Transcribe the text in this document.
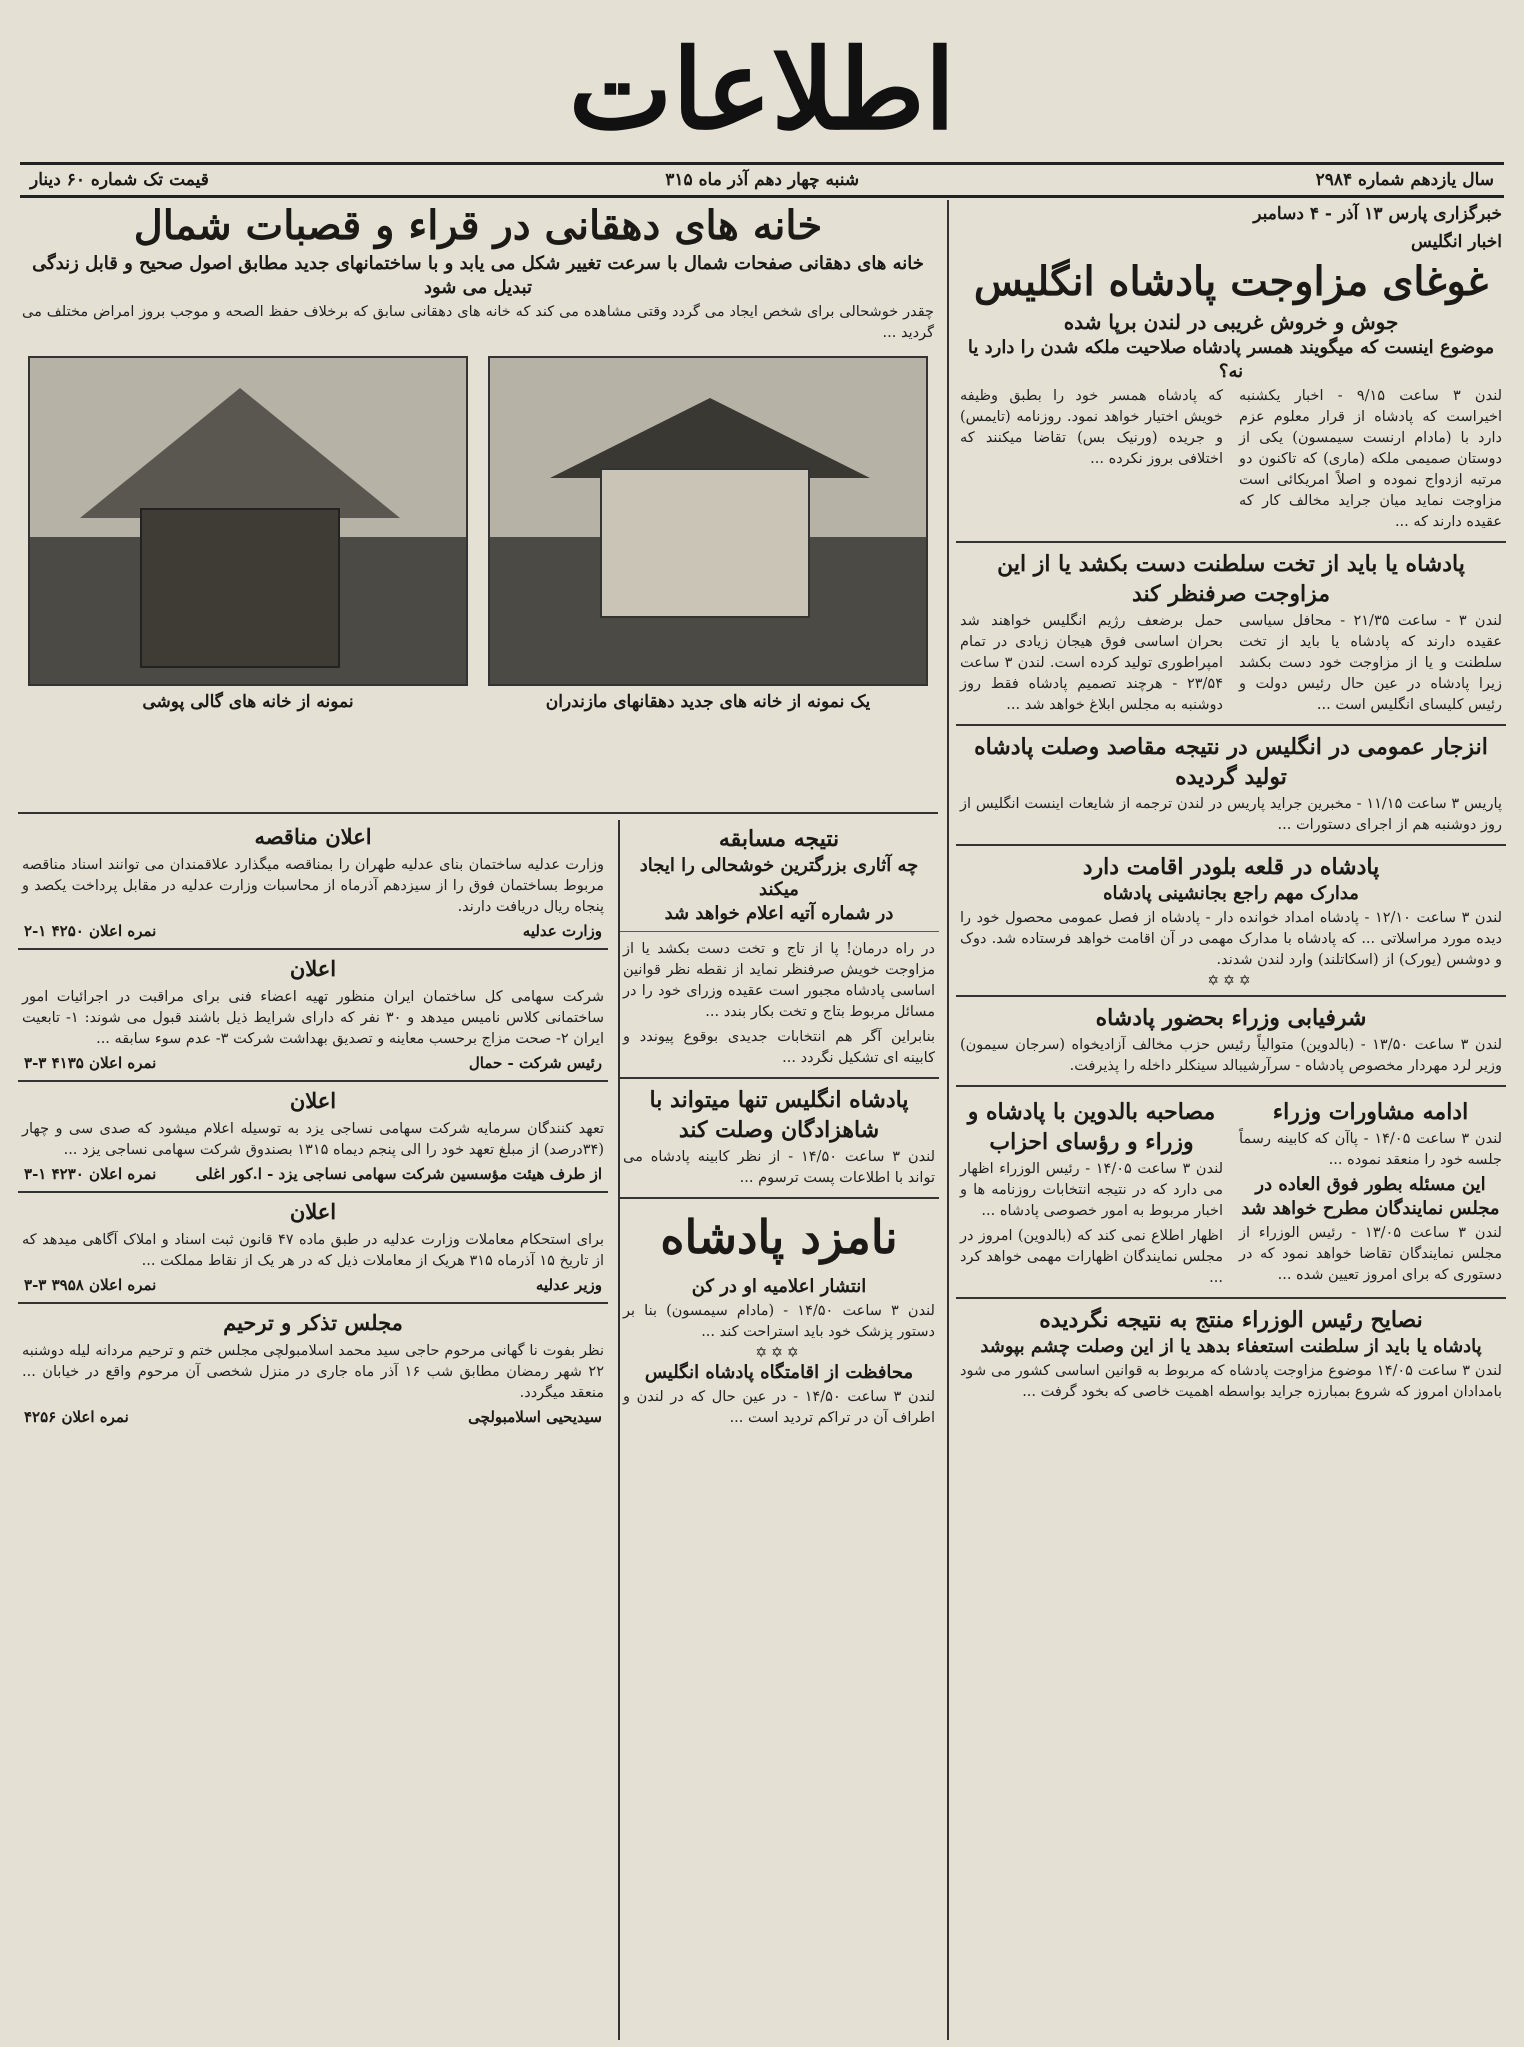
اطلاعات
سال یازدهم شماره ۲۹۸۴
شنبه چهار دهم آذر ماه ۳۱۵
قیمت تک شماره ۶۰ دینار
خبرگزاری پارس ۱۳ آذر - ۴ دسامبر
اخبار انگلیس
غوغای مزاوجت پادشاه انگلیس
جوش و خروش غریبی در لندن برپا شده
موضوع اینست که میگویند همسر پادشاه صلاحیت ملکه شدن را دارد یا نه؟
لندن ۳ ساعت ۹/۱۵ - اخبار یکشنبه اخیراست که پادشاه از قرار معلوم عزم دارد با (مادام ارنست سیمسون) یکی از دوستان صمیمی ملکه (ماری) که تاکنون دو مرتبه ازدواج نموده و اصلاً امریکائی است مزاوجت نماید میان جراید مخالف کار که عقیده دارند که ...
که پادشاه همسر خود را بطبق وظیفه خویش اختیار خواهد نمود. روزنامه (تایمس) و جریده (ورنیک بس) تقاضا میکنند که اختلافی بروز نکرده ...
پادشاه یا باید از تخت سلطنت دست بکشد یا از این مزاوجت صرفنظر کند
لندن ۳ - ساعت ۲۱/۳۵ - محافل سیاسی عقیده دارند که پادشاه یا باید از تخت سلطنت و یا از مزاوجت خود دست بکشد زیرا پادشاه در عین حال رئیس دولت و رئیس کلیسای انگلیس است ...
حمل برضعف رژیم انگلیس خواهند شد بحران اساسی فوق هیجان زیادی در تمام امپراطوری تولید کرده است. لندن ۳ ساعت ۲۳/۵۴ - هرچند تصمیم پادشاه فقط روز دوشنبه به مجلس ابلاغ خواهد شد ...
انزجار عمومی در انگلیس در نتیجه مقاصد وصلت پادشاه تولید گردیده
پاریس ۳ ساعت ۱۱/۱۵ - مخبرین جراید پاریس در لندن ترجمه از شایعات اینست انگلیس از روز دوشنبه ه‍م از اجرای دستورات ...
پادشاه در قلعه بلودر اقامت دارد
مدارک مهم راجع بجانشینی پادشاه
لندن ۳ ساعت ۱۲/۱۰ - پادشاه امداد خوانده دار - پادشاه از فصل عمومی محصول خود را دیده مورد مراسلاتی ... که پادشاه با مدارک مهمی در آن اقامت خواهد فرستاده شد. دوک و دوشس (یورک) از (اسکاتلند) وارد لندن شدند.
✡✡✡
شرفیابی وزراء بحضور پادشاه
لندن ۳ ساعت ۱۳/۵۰ - (بالدوین) متوالیاً رئیس حزب مخالف آزادیخواه (سرجان سیمون) وزیر لرد مهردار مخصوص پادشاه - سرآرشیبالد سینکلر داخله را پذیرفت.
ادامه مشاورات وزراء
لندن ۳ ساعت ۱۴/۰۵ - پاآن که کابینه رسماً جلسه خود را منعقد نموده ...
این مسئله بطور فوق العاده در مجلس نمایندگان مطرح خواهد شد
لندن ۳ ساعت ۱۳/۰۵ - رئیس الوزراء از مجلس نمایندگان تقاضا خواهد نمود که در دستوری که برای امروز تعیین شده ...
مصاحبه بالدوین با پادشاه و وزراء و رؤسای احزاب
لندن ۳ ساعت ۱۴/۰۵ - رئیس الوزراء اظهار می دارد که در نتیجه انتخابات روزنامه ها و اخبار مربوط به امور خصوصی پادشاه ...
اظهار اطلاع نمی کند که (بالدوین) امروز در مجلس نمایندگان اظهارات مهمی خواهد کرد ...
نصایح رئیس الوزراء منتج به نتیجه نگردیده
پادشاه یا باید از سلطنت استعفاء بدهد یا از این وصلت چشم بپوشد
لندن ۳ ساعت ۱۴/۰۵ موضوع مزاوجت پادشاه که مربوط به قوانین اساسی کشور می شود بامدادان امروز که شروع بمبارزه جراید بواسطه اهمیت خاصی که بخود گرفت ...
خانه های دهقانی در قراء و قصبات شمال
خانه های دهقانی صفحات شمال با سرعت تغییر شکل می یابد و با ساختمانهای جدید مطابق اصول صحیح و قابل زندگی تبدیل می شود
چقدر خوشحالی برای شخص ایجاد می گردد وقتی مشاهده می کند که خانه های دهقانی سابق که برخلاف حفظ الصحه و موجب بروز امراض مختلف می گردید ...
یک نمونه از خانه های جدید دهقانهای مازندران
نمونه از خانه های گالی پوشی
نتیجه مسابقه
چه آثاری بزرگترین خوشحالی را ایجاد میکند
در شماره آتیه اعلام خواهد شد
در راه درمان! پا از تاج و تخت دست بکشد یا از مزاوجت خویش صرفنظر نماید از نقطه نظر قوانین اساسی پادشاه مجبور است عقیده وزرای خود را در مسائل مربوط بتاج و تخت بکار بندد ...
بنابراین آگر هم انتخابات جدیدی بوقوع پیوندد و کابینه ای تشکیل نگردد ...
پادشاه انگلیس تنها میتواند با شاهزادگان وصلت کند
لندن ۳ ساعت ۱۴/۵۰ - از نظر کابینه پادشاه می تواند با اطلاعات پست ترسوم ...
نامزد پادشاه
انتشار اعلامیه او در کن
لندن ۳ ساعت ۱۴/۵۰ - (مادام سیمسون) بنا بر دستور پزشک خود باید استراحت کند ...
✡✡✡
محافظت از اقامتگاه پادشاه انگلیس
لندن ۳ ساعت ۱۴/۵۰ - در عین حال که در لندن و اطراف آن در تراکم تردید است ...
اعلان مناقصه
وزارت عدلیه ساختمان بنای عدلیه طهران را بمناقصه میگذارد علاقمندان می توانند اسناد مناقصه مربوط بساختمان فوق را از سیزدهم آذرماه از محاسبات وزارت عدلیه در مقابل پرداخت یکصد و پنجاه ریال دریافت دارند.
وزارت عدلیه
نمره اعلان ۴۲۵۰ ۱-۲
اعلان
شرکت سهامی کل ساختمان ایران منظور تهیه اعضاء فنی برای مراقبت در اجرائیات امور ساختمانی کلاس نامیس میدهد و ۳۰ نفر که دارای شرایط ذیل باشند قبول می شوند: ۱- تابعیت ایران ۲- صحت مزاج برحسب معاینه و تصدیق بهداشت شرکت ۳- عدم سوء سابقه ...
رئیس شرکت - حمال
نمره اعلان ۴۱۳۵ ۳-۳
اعلان
تعهد کنندگان سرمایه شرکت سهامی نساجی یزد به توسیله اعلام میشود که صدی سی و چهار (۳۴درصد) از مبلغ تعهد خود را الی پنجم دیماه ۱۳۱۵ بصندوق شرکت سهامی نساجی یزد ...
از طرف هیئت مؤسسین شرکت سهامی نساجی یزد - ا.کور اغلی
نمره اعلان ۴۲۳۰ ۱-۳
اعلان
برای استحکام معاملات وزارت عدلیه در طبق ماده ۴۷ قانون ثبت اسناد و املاک آگاهی میدهد که از تاریخ ۱۵ آذرماه ۳۱۵ هریک از معاملات ذیل که در هر یک از نقاط مملکت ...
وزیر عدلیه
نمره اعلان ۳۹۵۸ ۳-۳
مجلس تذکر و ترحیم
نظر بفوت نا گهانی مرحوم حاجی سید محمد اسلامبولچی مجلس ختم و ترحیم مردانه لیله دوشنبه ۲۲ شهر رمضان مطابق شب ۱۶ آذر ماه جاری در منزل شخصی آن مرحوم واقع در خیابان ... منعقد میگردد.
سیدیحیی اسلامبولچی
نمره اعلان ۴۲۵۶
